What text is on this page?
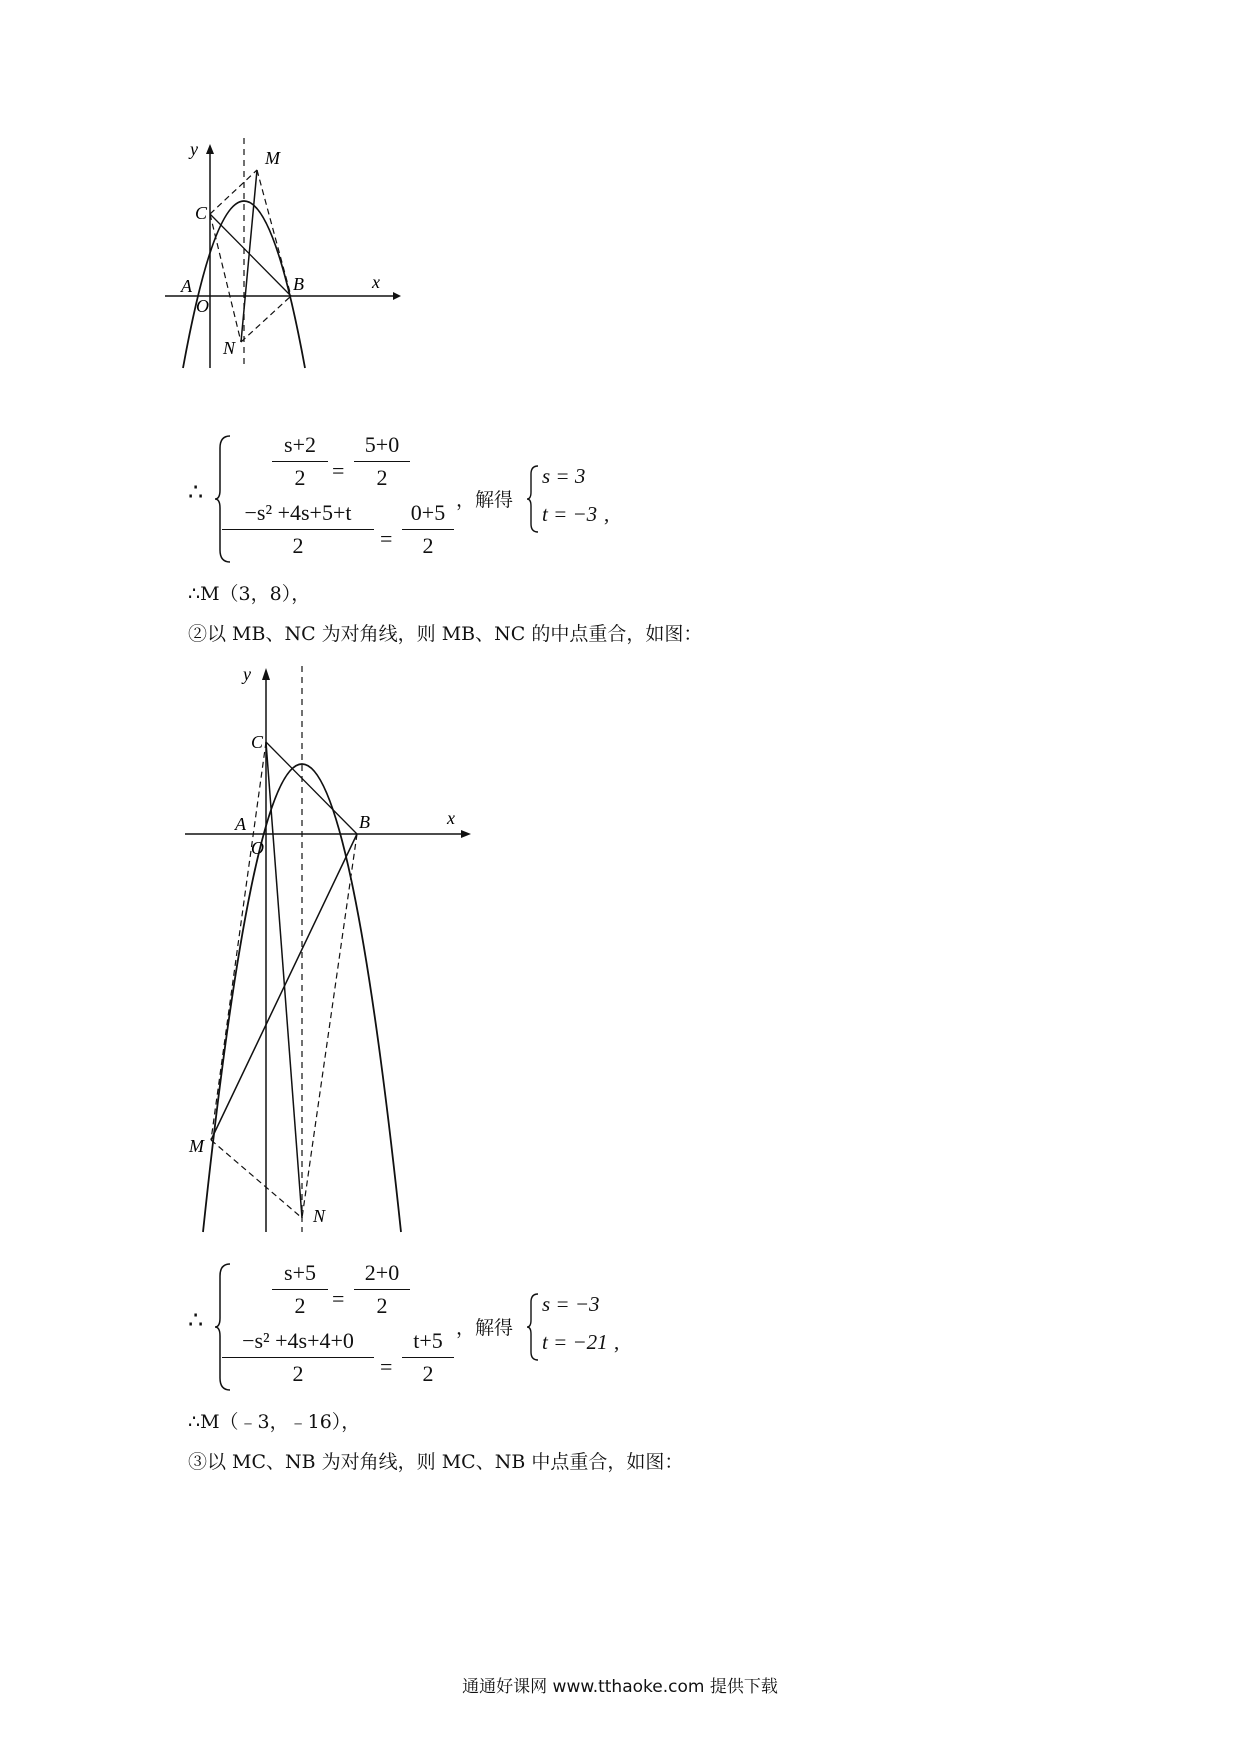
y	M
C
A
O
B	x
N
∴
s+2
2	=
5+0
2
−s² +4s+5+t
2	=
0+5
2
，解得
s = 3
t = −3 ,
∴M（3，8），
②以 MB、NC 为对角线，则 MB、NC 的中点重合，如图：
y
C
A
O
B	x
M
N
∴
s+5
2	=
2+0
2
−s² +4s+4+0
2	=
t+5
2
，解得
s = −3
t = −21 ,
∴M（﹣3，﹣16），
③以 MC、NB 为对角线，则 MC、NB 中点重合，如图：
通通好课网 www.tthaoke.com 提供下载
